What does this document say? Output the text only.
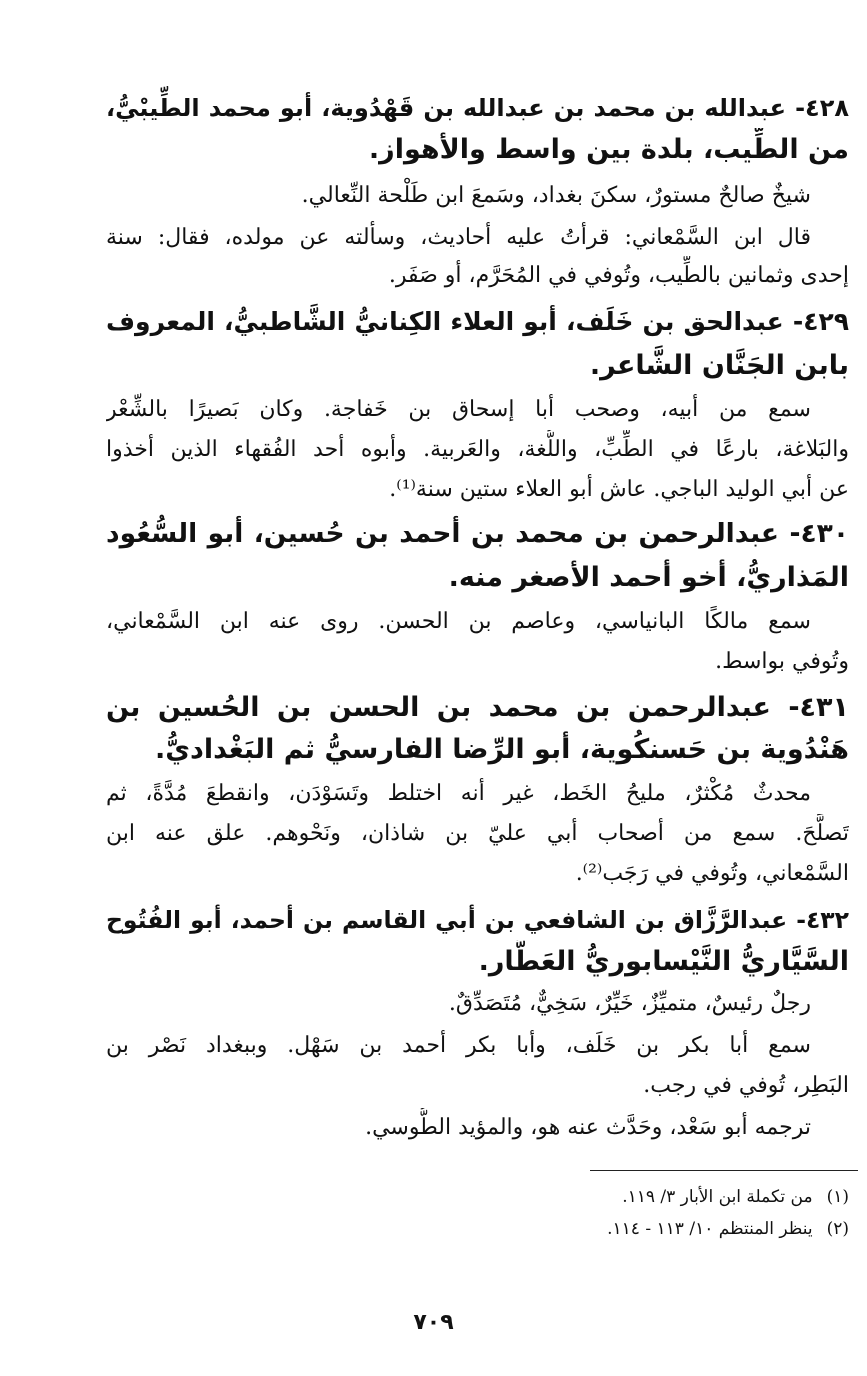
٤٢٨- عبدالله بن محمد بن عبدالله بن قَهْدُوية، أبو محمد الطِّيبْيُّ،
من الطِّيب، بلدة بين واسط والأهواز.
شيخٌ صالحٌ مستورٌ، سكنَ بغداد، وسَمعَ ابن طَلْحة النِّعالي.
قال ابن السَّمْعاني: قرأتُ عليه أحاديث، وسألته عن مولده، فقال: سنة
إحدى وثمانين بالطِّيب، وتُوفي في المُحَرَّم، أو صَفَر.
٤٢٩- عبدالحق بن خَلَف، أبو العلاء الكِنانيُّ الشَّاطبيُّ، المعروف
بابن الجَنَّان الشَّاعر.
سمع من أبيه، وصحب أبا إسحاق بن خَفاجة. وكان بَصيرًا بالشِّعْر
والبَلاغة، بارعًا في الطِّبِّ، واللُّغة، والعَربية. وأبوه أحد الفُقهاء الذين أخذوا
عن أبي الوليد الباجي. عاش أبو العلاء ستين سنة⁽¹⁾.
٤٣٠- عبدالرحمن بن محمد بن أحمد بن حُسين، أبو السُّعُود
المَذاريُّ، أخو أحمد الأصغر منه.
سمع مالكًا البانياسي، وعاصم بن الحسن. روى عنه ابن السَّمْعاني،
وتُوفي بواسط.
٤٣١- عبدالرحمن بن محمد بن الحسن بن الحُسين بن
هَنْدُوية بن حَسنكُوية، أبو الرِّضا الفارسيُّ ثم البَغْداديُّ.
محدثٌ مُكْثرٌ، مليحُ الخَط، غير أنه اختلط وتَسَوْدَن، وانقطعَ مُدَّةً، ثم
تَصلَّحَ. سمع من أصحاب أبي عليّ بن شاذان، ونَحْوهم. علق عنه ابن
السَّمْعاني، وتُوفي في رَجَب⁽²⁾.
٤٣٢- عبدالرَّزَّاق بن الشافعي بن أبي القاسم بن أحمد، أبو الفُتُوح
السَّيَّاريُّ النَّيْسابوريُّ العَطَّار.
رجلٌ رئيسٌ، متميِّزٌ، خَيِّرٌ، سَخِيٌّ، مُتَصَدِّقٌ.
سمع أبا بكر بن خَلَف، وأبا بكر أحمد بن سَهْل. وببغداد نَصْر بن
البَطِر، تُوفي في رجب.
ترجمه أبو سَعْد، وحَدَّث عنه هو، والمؤيد الطُّوسي.
(١)من تكملة ابن الأبار ٣/ ١١٩.
(٢)ينظر المنتظم ١٠/ ١١٣ - ١١٤.
٧٠٩
